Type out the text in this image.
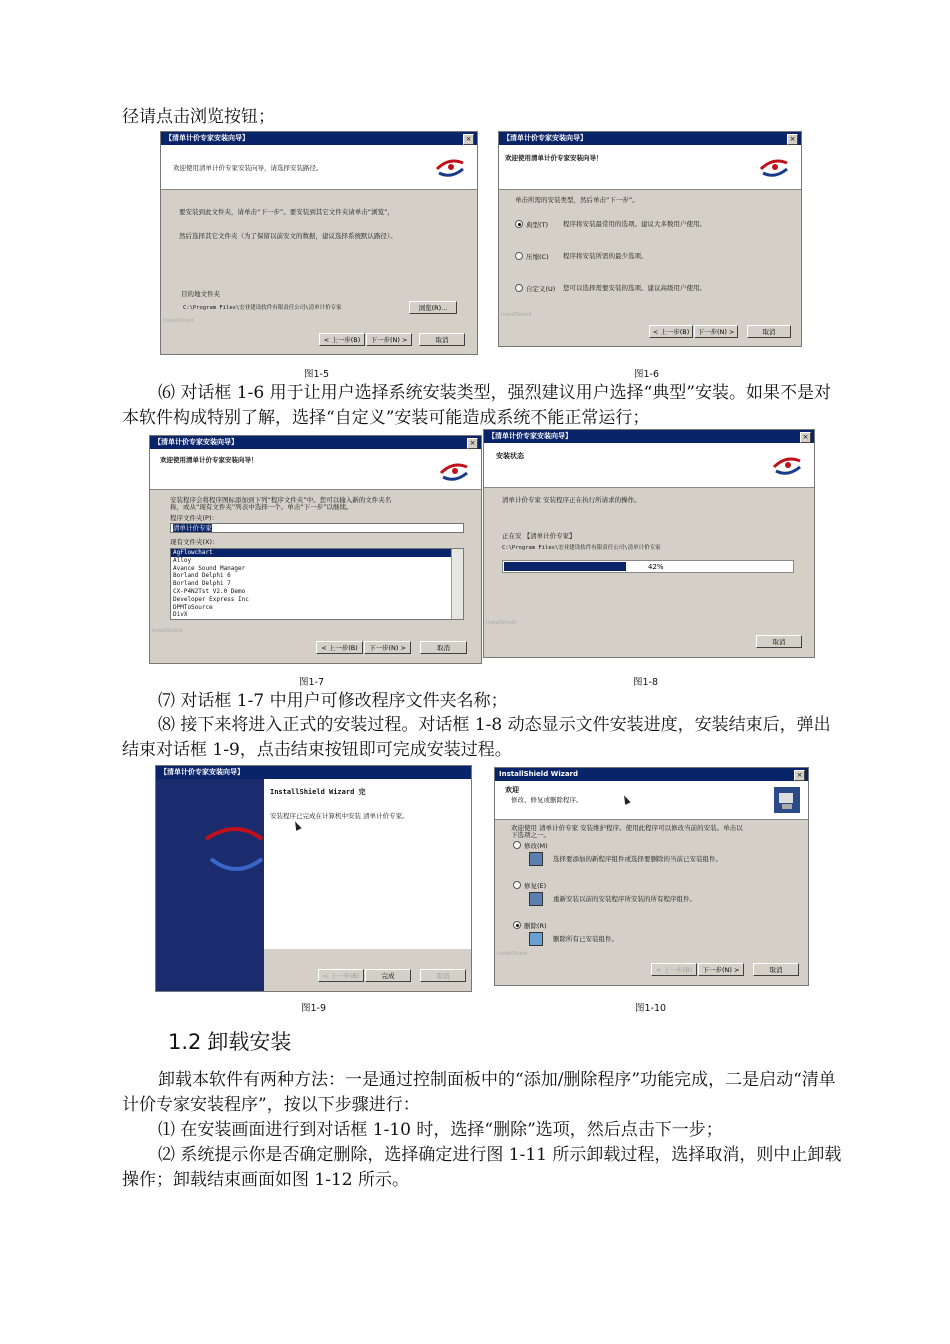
径请点击浏览按钮；

【清单计价专家安装向导】	×
欢迎使用清单计价专家安装向导，请选择安装路径。
要安装到此文件夹，请单击“下一步”。要安装到其它文件夹请单击“浏览”，
然后选择其它文件夹（为了保留以前安文的数据，建议选择系统默认路径）。
目的地文件夹
C:\Program Files\宏业建设软件有限责任公司\清单计价专家	浏览(R)...
InstallShield
< 上一步(B)	下一步(N) >	取消
图1-5
【清单计价专家安装向导】	×
欢迎使用清单计价专家安装向导！
单击所需的安装类型，然后单击“下一步”。
典型(T) 程序将安装最常用的选项。建议大多数用户使用。
压缩(C) 程序将安装所需的最少选项。
自定义(U) 您可以选择需要安装的选项。建议高级用户使用。
InstallShield
< 上一步(B)	下一步(N) >	取消
图1-6

⑹ 对话框 1-6 用于让用户选择系统安装类型，强烈建议用户选择“典型”安装。如果不是对本软件构成特别了解，选择“自定义”安装可能造成系统不能正常运行；

【清单计价专家安装向导】	×
欢迎使用清单计价专家安装向导！
安装程序会将程序图标添加到下列“程序文件夹”中。您可以输入新的文件夹名
称，或从“现有文件夹”列表中选择一个。单击“下一步”以继续。
程序文件夹(P)：
清单计价专家
现有文件夹(X)：
AgFlowchart
Alloy
Avance Sound Manager
Borland Delphi 6
Borland Delphi 7
CX-P4N2Tst V2.0 Demo
Developer Express Inc
DPMToSource
DivX
InstallShield
< 上一步(B)	下一步(N) >	取消
图1-7
【清单计价专家安装向导】	×
安装状态
清单计价专家 安装程序正在执行所请求的操作。
正在安 【清单计价专家】
C:\Program Files\宏业建设软件有限责任公司\清单计价专家
42%
InstallShield
取消
图1-8

⑺ 对话框 1-7 中用户可修改程序文件夹名称；

⑻ 接下来将进入正式的安装过程。对话框 1-8 动态显示文件安装进度，安装结束后，弹出结束对话框 1-9，点击结束按钮即可完成安装过程。

【清单计价专家安装向导】
InstallShield Wizard 完
安装程序已完成在计算机中安装 清单计价专家。
< 上一步(B)	完成	取消
图1-9
InstallShield Wizard	×
欢迎
修改、修复或删除程序。
欢迎使用 清单计价专家 安装维护程序。使用此程序可以修改当前的安装。单击以
下选项之一。
修改(M)
选择要添加的新程序组件或选择要删除的当前已安装组件。
修复(E)
重新安装以前的安装程序所安装的所有程序组件。
删除(R)
删除所有已安装组件。
InstallShield
< 上一步(B)	下一步(N) >	取消
图1-10
1.2 卸载安装

卸载本软件有两种方法：一是通过控制面板中的“添加/删除程序”功能完成，二是启动“清单计价专家安装程序”，按以下步骤进行：

⑴ 在安装画面进行到对话框 1-10 时，选择“删除”选项，然后点击下一步；

⑵ 系统提示你是否确定删除，选择确定进行图 1-11 所示卸载过程，选择取消，则中止卸载操作；卸载结束画面如图 1-12 所示。
